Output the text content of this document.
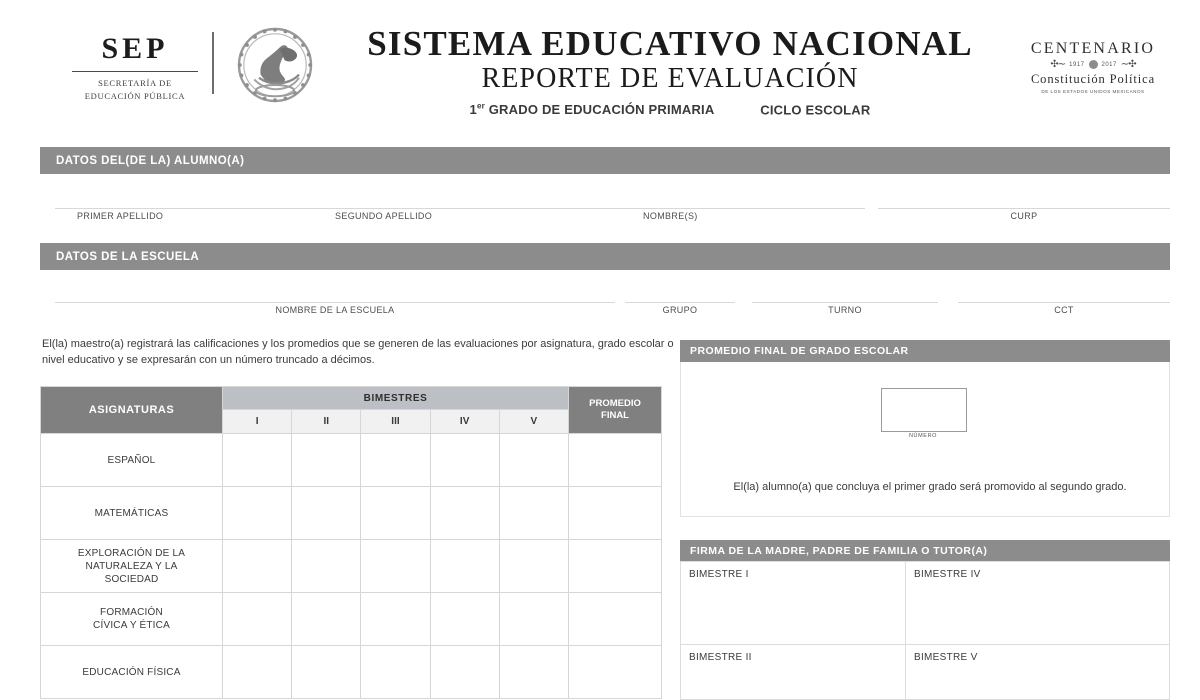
SEP
SECRETARÍA DE
EDUCACIÓN PÚBLICA
SISTEMA EDUCATIVO NACIONAL
REPORTE DE EVALUACIÓN
1er GRADO DE EDUCACIÓN PRIMARIA	CICLO ESCOLAR
CENTENARIO
✣∼ 1917	2017 ∼✣
Constitución Política
DE LOS ESTADOS UNIDOS MEXICANOS
DATOS DEL(DE LA) ALUMNO(A)
PRIMER APELLIDO	SEGUNDO APELLIDO	NOMBRE(S)	CURP
DATOS DE LA ESCUELA
NOMBRE DE LA ESCUELA	GRUPO	TURNO	CCT
El(la) maestro(a) registrará las calificaciones y los promedios que se generen de las evaluaciones por asignatura, grado escolar o nivel educativo y se expresarán con un número truncado a décimos.
ASIGNATURAS	BIMESTRES					PROMEDIO
FINAL

	I	II	III	IV	V	
ESPAÑOL						
MATEMÁTICAS						
EXPLORACIÓN DE LA
NATURALEZA Y LA
SOCIEDAD						
FORMACIÓN
CÍVICA Y ÉTICA						
EDUCACIÓN FÍSICA						
PROMEDIO FINAL DE GRADO ESCOLAR
NÚMERO
El(la) alumno(a) que concluya el primer grado será promovido al segundo grado.
FIRMA DE LA MADRE, PADRE DE FAMILIA O TUTOR(A)
BIMESTRE I	BIMESTRE IV
BIMESTRE II	BIMESTRE V
